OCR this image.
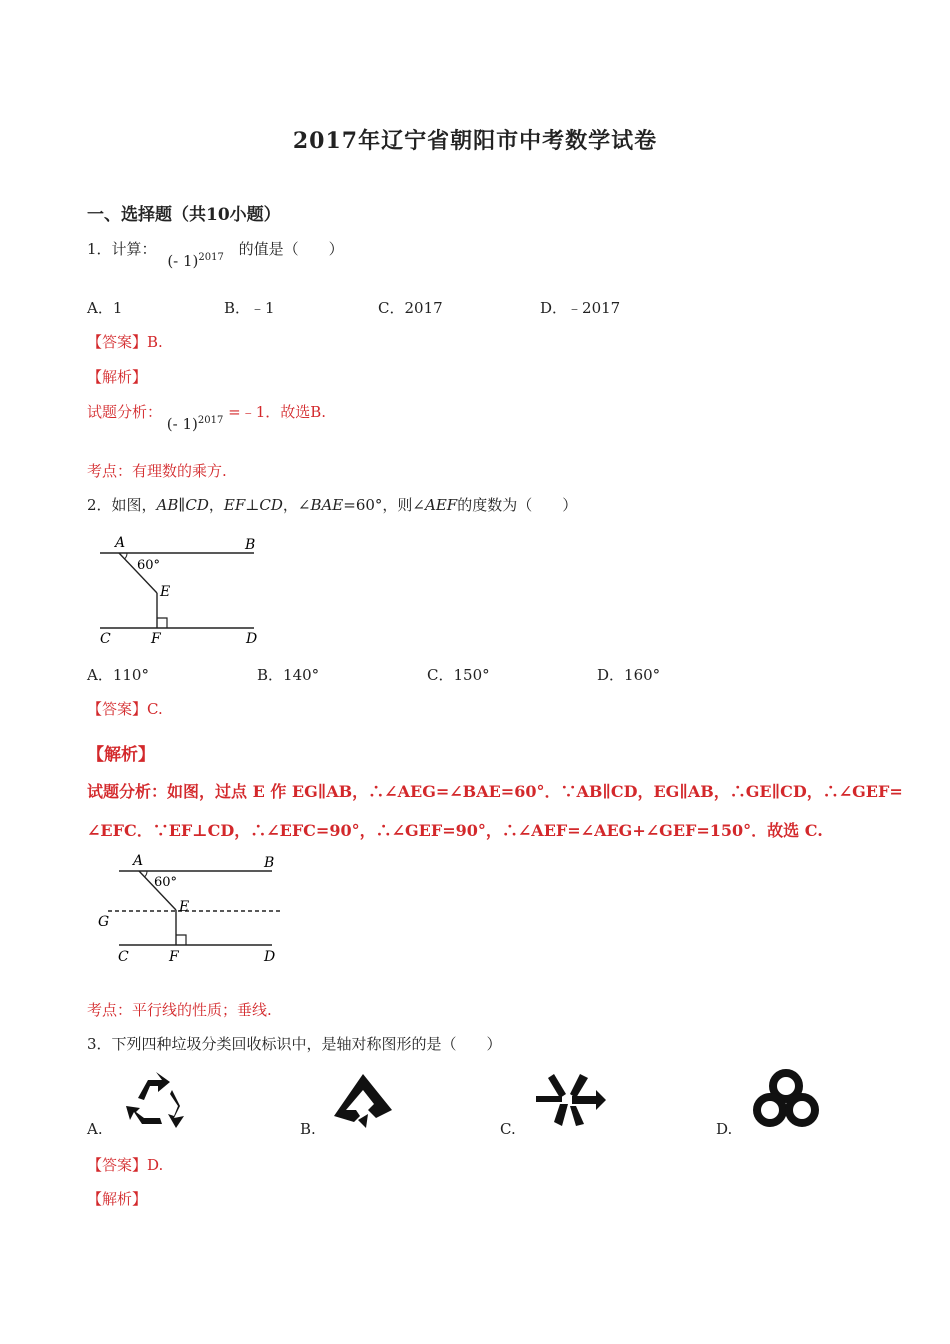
2017年辽宁省朝阳市中考数学试卷
一、选择题（共10小题）
1．计算： (- 1)$^{2017}$ 的值是（　　）
A．1	B．﹣1	C．2017	D．﹣2017
【答案】B.
【解析】
试题分析： (- 1)$^{2017}$ =﹣1．故选B.
考点：有理数的乘方.
2．如图，AB∥CD，EF⊥CD，∠BAE=60°，则∠AEF的度数为（　　）
A	B
60°
E
C	F	D
A．110°	B．140°	C．150°	D．160°
【答案】C.
【解析】
试题分析：如图，过点 E 作 EG∥AB，∴∠AEG=∠BAE=60°．∵AB∥CD，EG∥AB，∴GE∥CD，∴∠GEF=
∠EFC．∵EF⊥CD，∴∠EFC=90°，∴∠GEF=90°，∴∠AEF=∠AEG+∠GEF=150°．故选 C.
A	B
60°
E
G
C	F	D
考点：平行线的性质；垂线.
3．下列四种垃圾分类回收标识中，是轴对称图形的是（　　）
A.	B.	C.	D.
【答案】D.
【解析】
